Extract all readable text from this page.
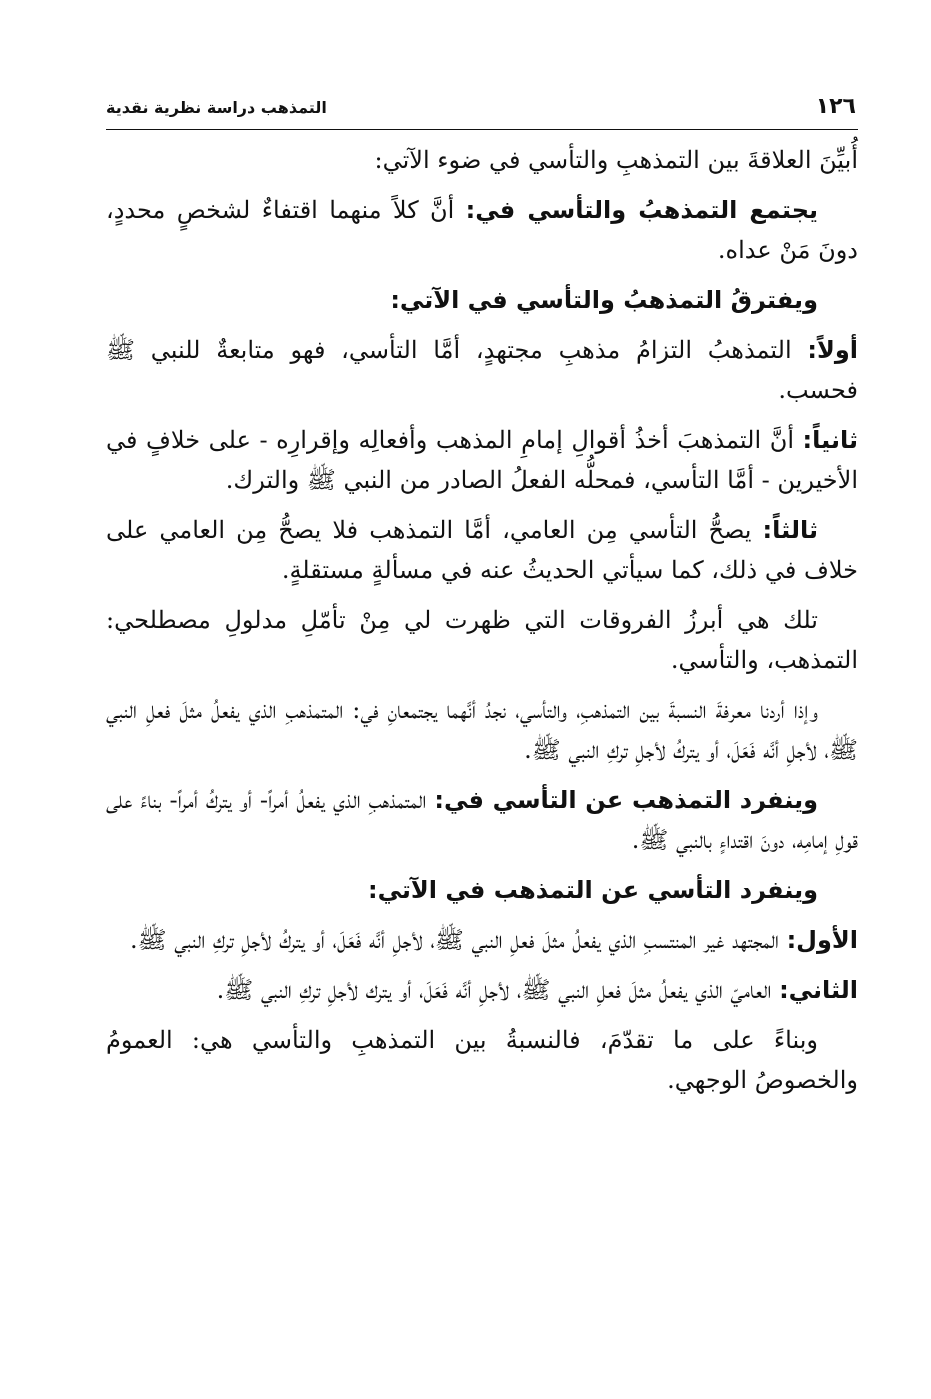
١٢٦
التمذهب دراسة نظرية نقدية

أُبيِّنَ العلاقةَ بين التمذهبِ والتأسي في ضوء الآتي:

يجتمع التمذهبُ والتأسي في: أنَّ كلاً منهما اقتفاءٌ لشخصٍ محددٍ، دونَ مَنْ عداه.

ويفترقُ التمذهبُ والتأسي في الآتي:

أولاً: التمذهبُ التزامُ مذهبِ مجتهدٍ، أمَّا التأسي، فهو متابعةٌ للنبي ﷺ فحسب.

ثانياً: أنَّ التمذهبَ أخذُ أقوالِ إمامِ المذهب وأفعالِه وإقرارِه - على خلافٍ في الأخيرين - أمَّا التأسي، فمحلُّه الفعلُ الصادر من النبي ﷺ والترك.

ثالثاً: يصحُّ التأسي مِن العامي، أمَّا التمذهب فلا يصحُّ مِن العامي على خلاف في ذلك، كما سيأتي الحديثُ عنه في مسألةٍ مستقلةٍ.

تلك هي أبرزُ الفروقات التي ظهرت لي مِنْ تأمّلِ مدلولِ مصطلحي: التمذهب، والتأسي.

وإذا أردنا معرفةَ النسبةَ بين التمذهبِ، والتأسي، نجدُ أنَّهما يجتمعانِ في: المتمذهبِ الذي يفعلُ مثلَ فعلِ النبي ﷺ، لأجلِ أنَّه فَعَلَ، أو يتركُ لأجلِ تركِ النبي ﷺ.

وينفرد التمذهب عن التأسي في: المتمذهبِ الذي يفعلُ أمراً- أو يتركُ أمراً- بناءً على قولِ إمامِه، دونَ اقتداءٍ بالنبي ﷺ.

وينفرد التأسي عن التمذهب في الآتي:

الأول: المجتهد غير المنتسبِ الذي يفعلُ مثلَ فعلِ النبي ﷺ، لأجلِ أنَّه فَعَلَ، أو يتركُ لأجلِ تركِ النبي ﷺ.

الثاني: العاميّ الذي يفعلُ مثلَ فعلِ النبي ﷺ، لأجلِ أنَّه فَعَلَ، أو يترك لأجلِ تركِ النبي ﷺ.

وبناءً على ما تقدّمَ، فالنسبةُ بين التمذهبِ والتأسي هي: العمومُ والخصوصُ الوجهي.
